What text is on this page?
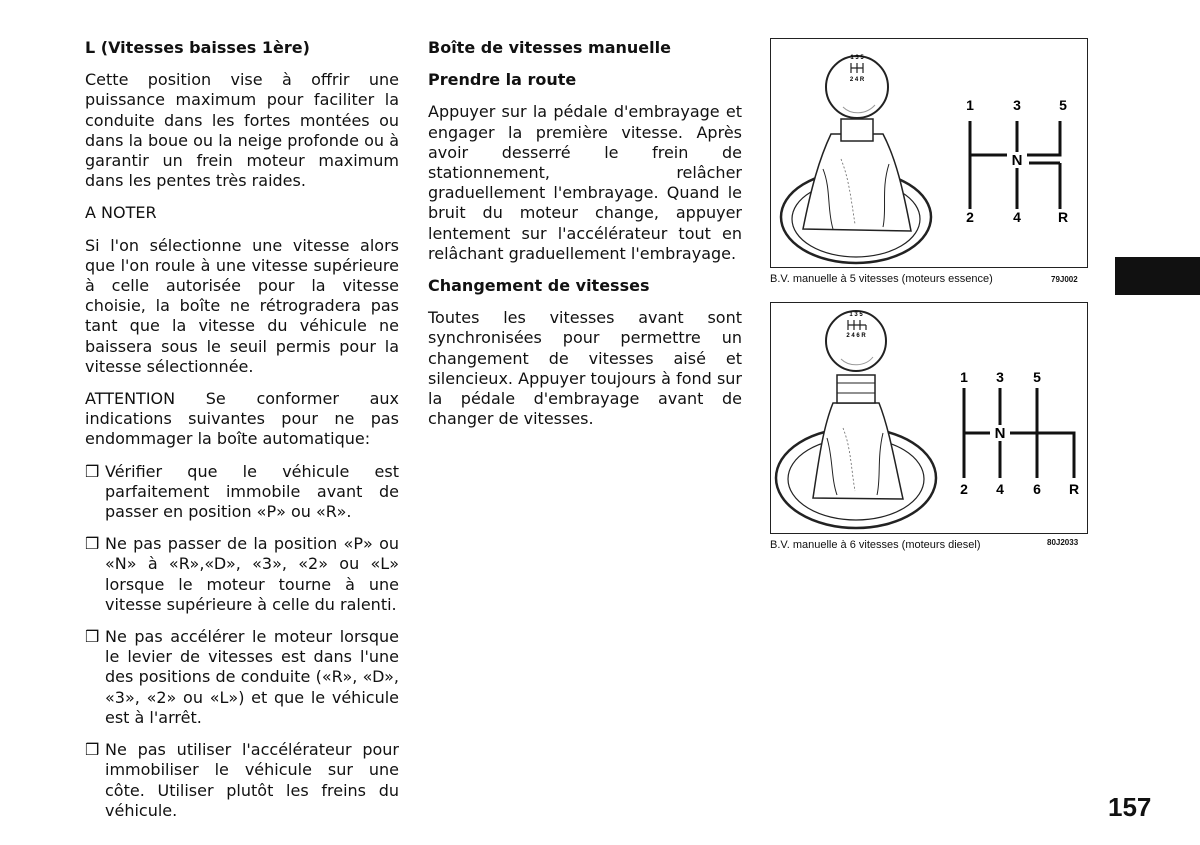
L (Vitesses baisses 1ère)

Cette position vise à offrir une puissance maximum pour faciliter la conduite dans les fortes montées ou dans la boue ou la neige profonde ou à garantir un frein moteur maximum dans les pentes très raides.

A NOTER

Si l'on sélectionne une vitesse alors que l'on roule à une vitesse supérieure à celle autorisée pour la vitesse choisie, la boîte ne rétrogradera pas tant que la vitesse du véhicule ne baissera sous le seuil permis pour la vitesse sélectionnée.

ATTENTION Se conformer aux indications suivantes pour ne pas endommager la boîte automatique:

❒ Vérifier que le véhicule est parfaitement immobile avant de passer en position «P» ou «R».
❒ Ne pas passer de la position «P» ou «N» à «R»,«D», «3», «2» ou «L» lorsque le moteur tourne à une vitesse supérieure à celle du ralenti.
❒ Ne pas accélérer le moteur lorsque le levier de vitesses est dans l'une des positions de conduite («R», «D», «3», «2» ou «L») et que le véhicule est à l'arrêt.
❒ Ne pas utiliser l'accélérateur pour immobiliser le véhicule sur une côte. Utiliser plutôt les freins du véhicule.
Boîte de vitesses manuelle
Prendre la route

Appuyer sur la pédale d'embrayage et engager la première vitesse. Après avoir desserré le frein de stationnement, relâcher graduellement l'embrayage. Quand le bruit du moteur change, appuyer lentement sur l'accélérateur tout en relâchant graduellement l'embrayage.

Changement de vitesses

Toutes les vitesses avant sont synchronisées pour permettre un changement de vitesses aisé et silencieux. Appuyer toujours à fond sur la pédale d'embrayage avant de changer de vitesses.

1 3 5
2 4 R
N
1	3	5
2	4	R
B.V. manuelle à 5 vitesses (moteurs essence)	79J002
1 3 5
2 4 6 R
N
1 3 5
2 4 6 R
B.V. manuelle à 6 vitesses (moteurs diesel)	80J2033
157
